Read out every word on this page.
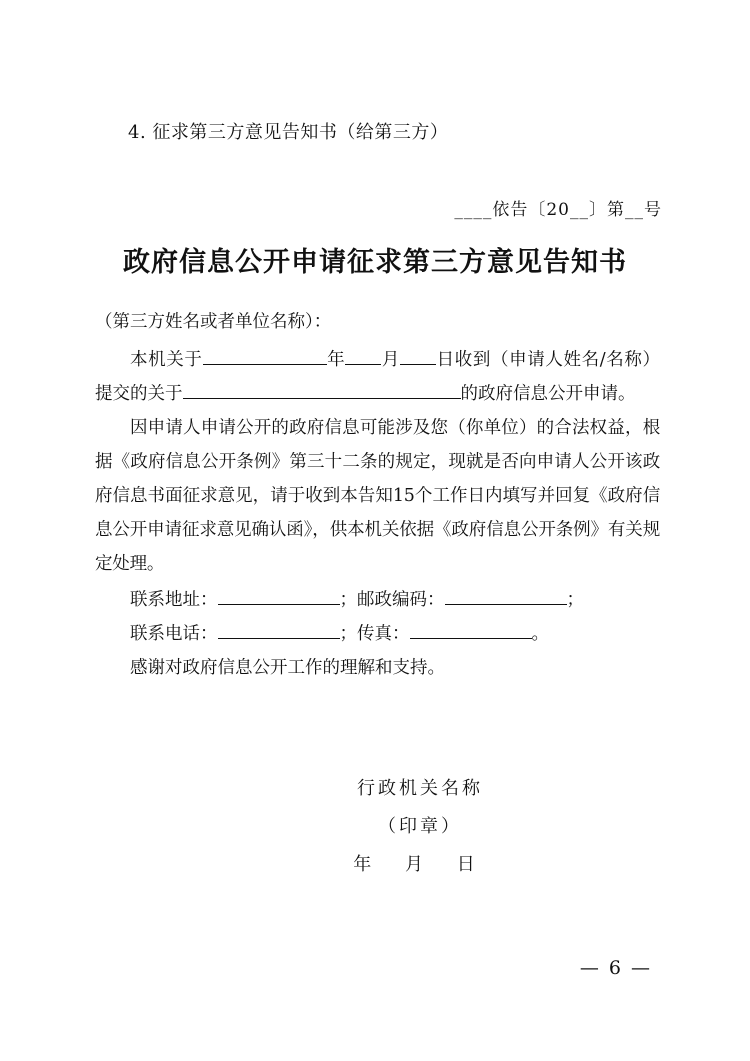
4. 征求第三方意见告知书（给第三方）
____依告〔20__〕第__号
政府信息公开申请征求第三方意见告知书

（第三方姓名或者单位名称）：

本机关于	年 月 日收到（申请人姓名/名称）提交的关于	的政府信息公开申请。

因申请人申请公开的政府信息可能涉及您（你单位）的合法权益，根据《政府信息公开条例》第三十二条的规定，现就是否向申请人公开该政府信息书面征求意见，请于收到本告知15个工作日内填写并回复《政府信息公开申请征求意见确认函》，供本机关依据《政府信息公开条例》有关规定处理。

联系地址：	；邮政编码：	；

联系电话：	；传真：	。

感谢对政府信息公开工作的理解和支持。

行政机关名称
（印章）
年 月 日
— 6 —
